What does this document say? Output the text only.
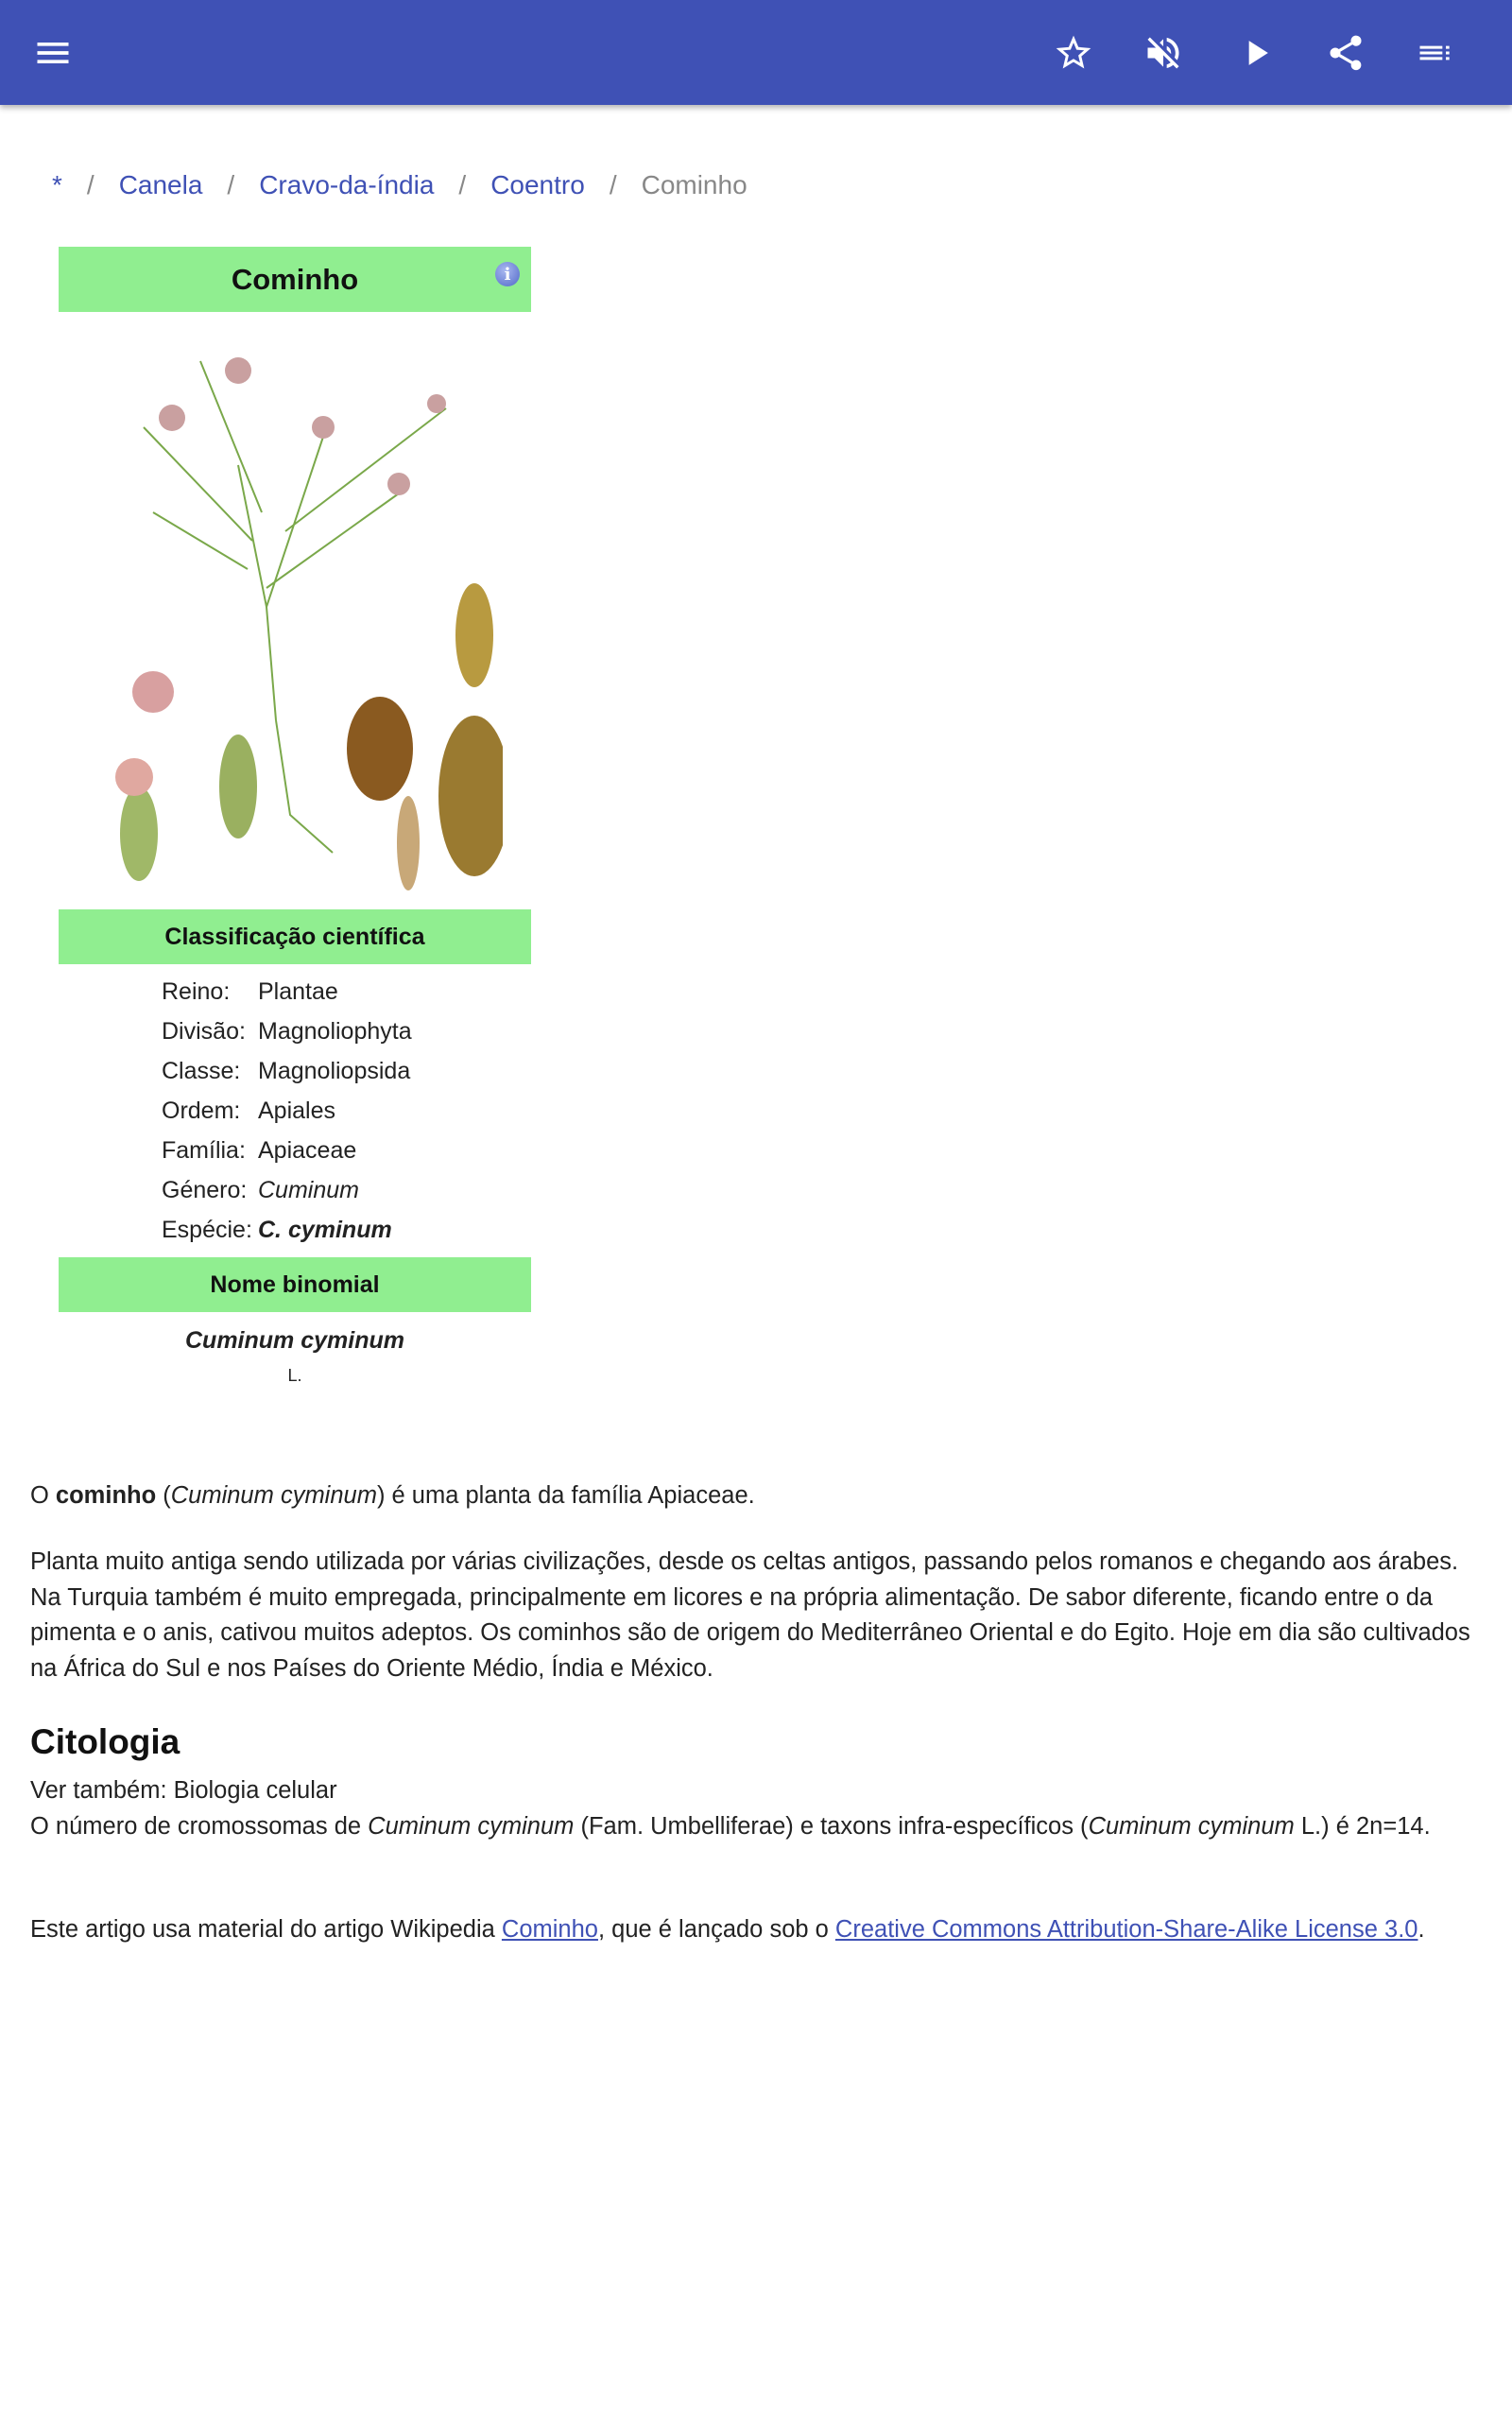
* / Canela / Cravo-da-índia / Coentro / Cominho
Cominho	i
Classificação científica
Reino:	Plantae
Divisão: Magnoliophyta
Classe: Magnoliopsida
Ordem: Apiales
Família: Apiaceae
Género: Cuminum
Espécie: C. cyminum
Nome binomial
Cuminum cyminum
L.

O cominho (Cuminum cyminum) é uma planta da família Apiaceae.

Planta muito antiga sendo utilizada por várias civilizações, desde os celtas antigos, passando pelos romanos e chegando aos árabes. Na Turquia também é muito empregada, principalmente em licores e na própria alimentação. De sabor diferente, ficando entre o da pimenta e o anis, cativou muitos adeptos. Os cominhos são de origem do Mediterrâneo Oriental e do Egito. Hoje em dia são cultivados na África do Sul e nos Países do Oriente Médio, Índia e México.

Citologia

Ver também: Biologia celular

O número de cromossomas de Cuminum cyminum (Fam. Umbelliferae) e taxons infra-específicos (Cuminum cyminum L.) é 2n=14.

Este artigo usa material do artigo Wikipedia Cominho, que é lançado sob o Creative Commons Attribution-Share-Alike License 3.0.
